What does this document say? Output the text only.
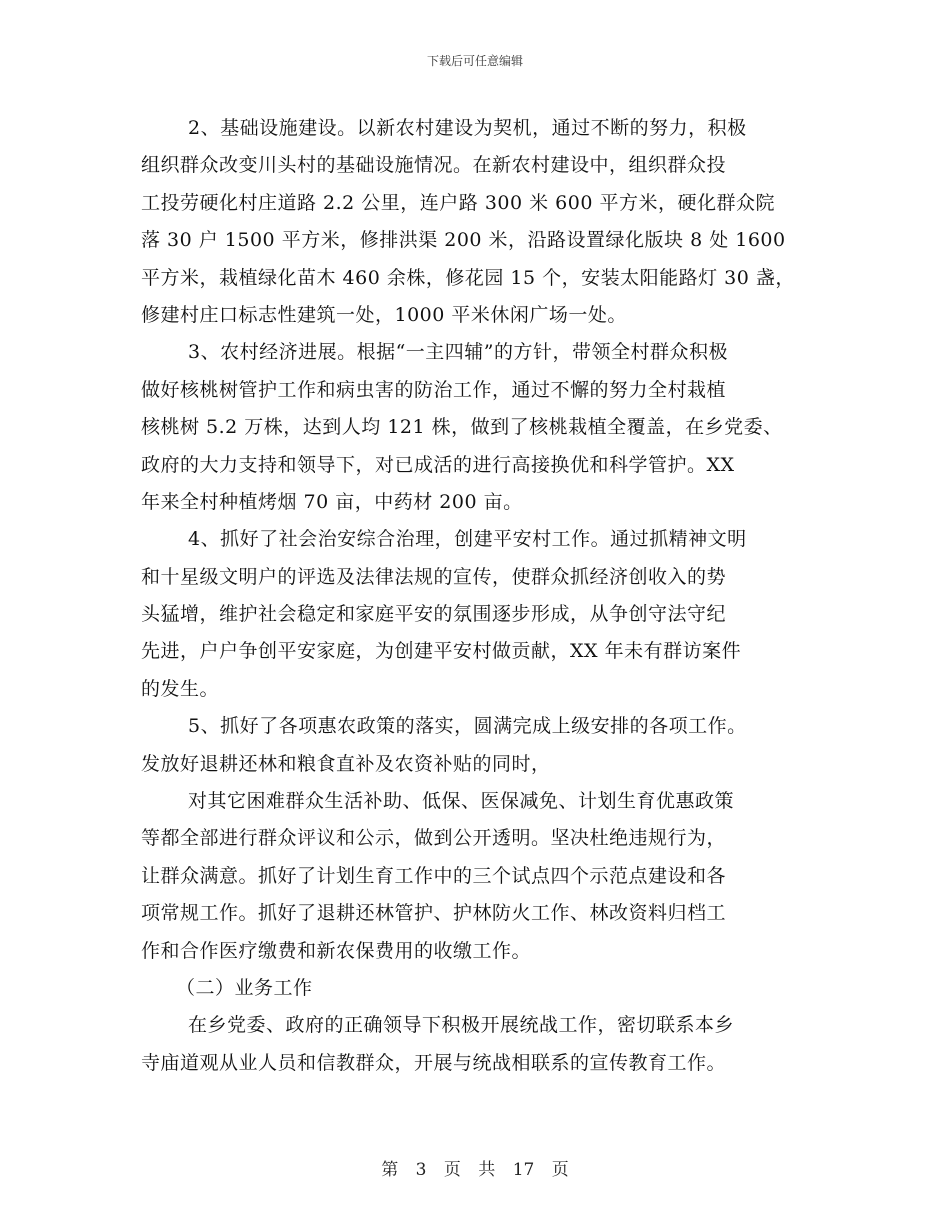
下载后可任意编辑
2、基础设施建设。以新农村建设为契机，通过不断的努力，积极
组织群众改变川头村的基础设施情况。在新农村建设中，组织群众投
工投劳硬化村庄道路 2.2 公里，连户路 300 米 600 平方米，硬化群众院
落 30 户 1500 平方米，修排洪渠 200 米，沿路设置绿化版块 8 处 1600
平方米，栽植绿化苗木 460 余株，修花园 15 个，安装太阳能路灯 30 盏，
修建村庄口标志性建筑一处，1000 平米休闲广场一处。
3、农村经济进展。根据“一主四辅”的方针，带领全村群众积极
做好核桃树管护工作和病虫害的防治工作，通过不懈的努力全村栽植
核桃树 5.2 万株，达到人均 121 株，做到了核桃栽植全覆盖，在乡党委、
政府的大力支持和领导下，对已成活的进行高接换优和科学管护。XX
年来全村种植烤烟 70 亩，中药材 200 亩。
4、抓好了社会治安综合治理，创建平安村工作。通过抓精神文明
和十星级文明户的评选及法律法规的宣传，使群众抓经济创收入的势
头猛增，维护社会稳定和家庭平安的氛围逐步形成，从争创守法守纪
先进，户户争创平安家庭，为创建平安村做贡献，XX 年未有群访案件
的发生。
5、抓好了各项惠农政策的落实，圆满完成上级安排的各项工作。
发放好退耕还林和粮食直补及农资补贴的同时，
对其它困难群众生活补助、低保、医保减免、计划生育优惠政策
等都全部进行群众评议和公示，做到公开透明。坚决杜绝违规行为，
让群众满意。抓好了计划生育工作中的三个试点四个示范点建设和各
项常规工作。抓好了退耕还林管护、护林防火工作、林改资料归档工
作和合作医疗缴费和新农保费用的收缴工作。
（二）业务工作
在乡党委、政府的正确领导下积极开展统战工作，密切联系本乡
寺庙道观从业人员和信教群众，开展与统战相联系的宣传教育工作。
第 3 页 共 17 页
